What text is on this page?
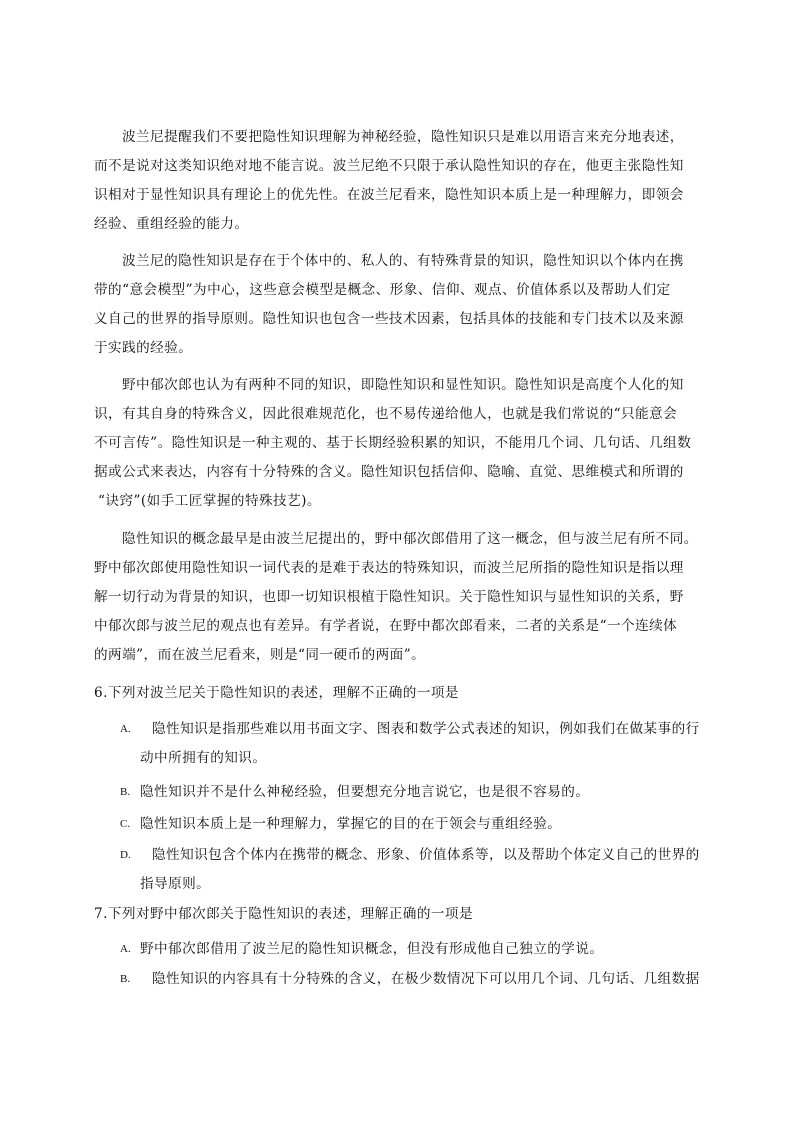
波兰尼提醒我们不要把隐性知识理解为神秘经验，隐性知识只是难以用语言来充分地表述，
而不是说对这类知识绝对地不能言说。波兰尼绝不只限于承认隐性知识的存在，他更主张隐性知
识相对于显性知识具有理论上的优先性。在波兰尼看来，隐性知识本质上是一种理解力，即领会
经验、重组经验的能力。
波兰尼的隐性知识是存在于个体中的、私人的、有特殊背景的知识，隐性知识以个体内在携
带的“意会模型”为中心，这些意会模型是概念、形象、信仰、观点、价值体系以及帮助人们定
义自己的世界的指导原则。隐性知识也包含一些技术因素，包括具体的技能和专门技术以及来源
于实践的经验。
野中郁次郎也认为有两种不同的知识，即隐性知识和显性知识。隐性知识是高度个人化的知
识，有其自身的特殊含义，因此很难规范化，也不易传递给他人，也就是我们常说的“只能意会
不可言传”。隐性知识是一种主观的、基于长期经验积累的知识，不能用几个词、几句话、几组数
据或公式来表达，内容有十分特殊的含义。隐性知识包括信仰、隐喻、直觉、思维模式和所谓的
“诀窍”(如手工匠掌握的特殊技艺)。
隐性知识的概念最早是由波兰尼提出的，野中郁次郎借用了这一概念，但与波兰尼有所不同。
野中郁次郎使用隐性知识一词代表的是难于表达的特殊知识，而波兰尼所指的隐性知识是指以理
解一切行动为背景的知识，也即一切知识根植于隐性知识。关于隐性知识与显性知识的关系，野
中郁次郎与波兰尼的观点也有差异。有学者说，在野中都次郎看来，二者的关系是“一个连续体
的两端”，而在波兰尼看来，则是“同一硬币的两面”。
6.下列对波兰尼关于隐性知识的表述，理解不正确的一项是
A. 隐性知识是指那些难以用书面文字、图表和数学公式表述的知识，例如我们在做某事的行
动中所拥有的知识。
B. 隐性知识并不是什么神秘经验，但要想充分地言说它，也是很不容易的。
C. 隐性知识本质上是一种理解力，掌握它的目的在于领会与重组经验。
D. 隐性知识包含个体内在携带的概念、形象、价值体系等，以及帮助个体定义自己的世界的
指导原则。
7.下列对野中郁次郎关于隐性知识的表述，理解正确的一项是
A. 野中郁次郎借用了波兰尼的隐性知识概念，但没有形成他自己独立的学说。
B. 隐性知识的内容具有十分特殊的含义，在极少数情况下可以用几个词、几句话、几组数据
